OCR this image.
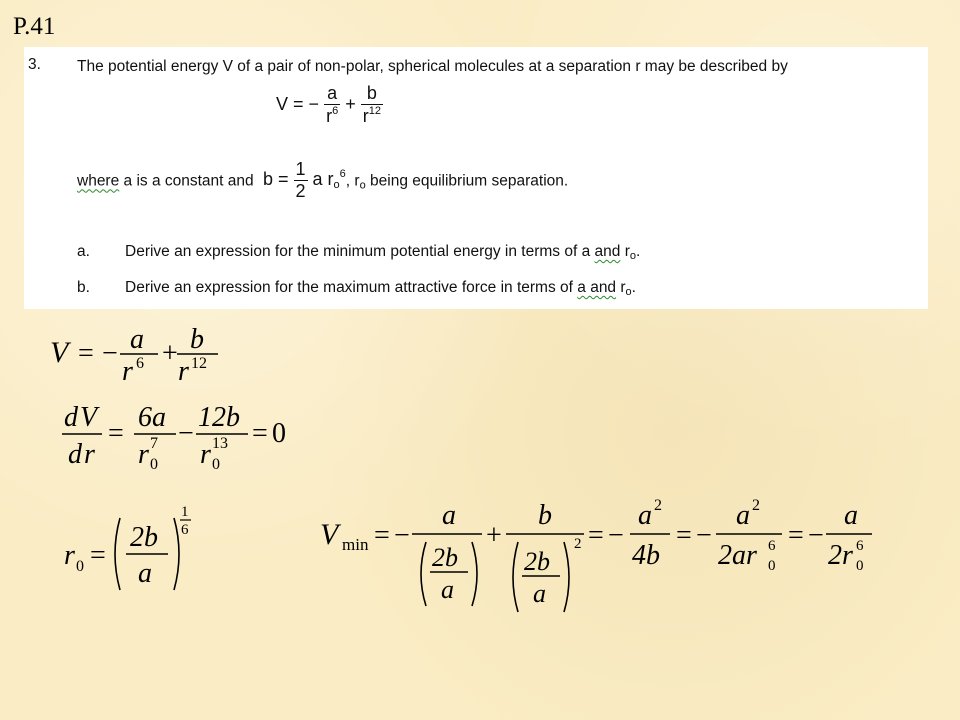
P.41
3. The potential energy V of a pair of non-polar, spherical molecules at a separation r may be described by
V = − $\frac{a}{r^6} + \frac{b}{r^{12}}$
where a is a constant and $b = \frac{1}{2}$ a $r_o^6$, $r_o$ being equilibrium separation.
a. Derive an expression for the minimum potential energy in terms of a and $r_o$.
b. Derive an expression for the maximum attractive force in terms of a and $r_o$.
V = − a
r 6 + b
r 12
d V
d r
=
6a
r 7
0
−
12b
r 13
0
= 0
r 0 =
2b
a
1
6	V min = −
a
2b
a
+
b
2b
a
2 = −
a 2
4b
= −
a 2
2ar 6
0
= −
a
2r 6
0
